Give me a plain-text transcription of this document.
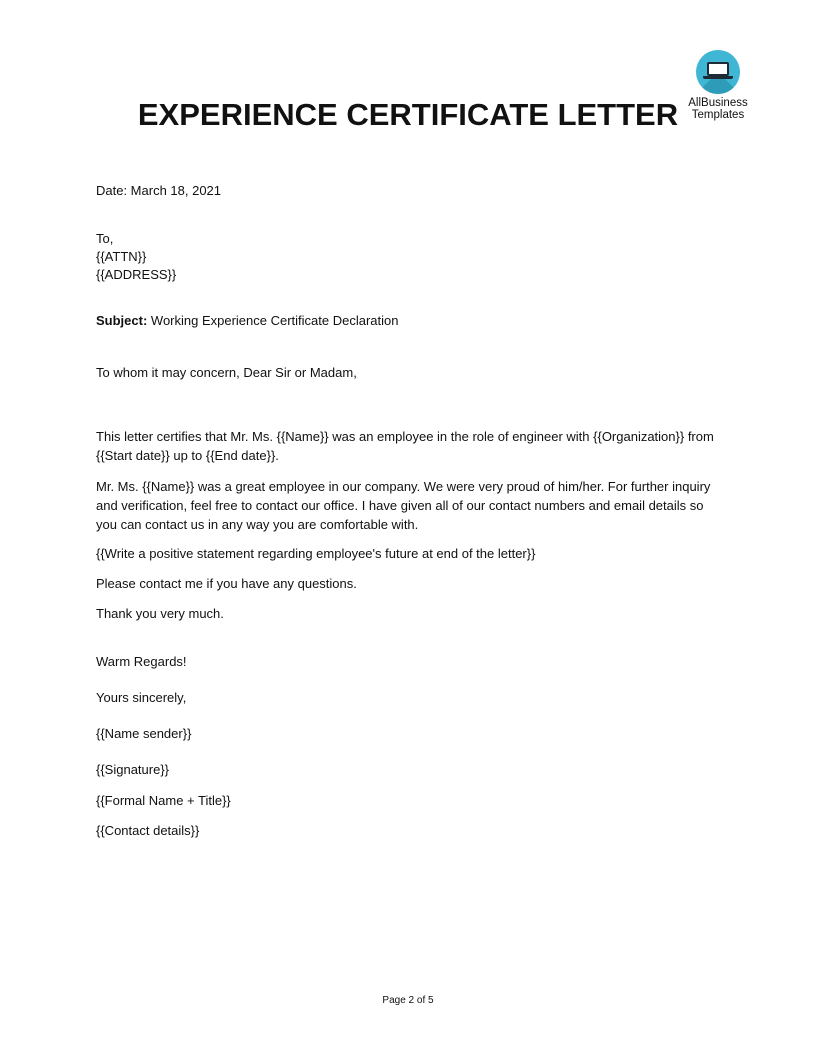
AllBusiness
Templates
EXPERIENCE CERTIFICATE LETTER
Date: March 18, 2021
To,
{{ATTN}}
{{ADDRESS}}
Subject: Working Experience Certificate Declaration
To whom it may concern, Dear Sir or Madam,
This letter certifies that Mr. Ms. {{Name}} was an employee in the role of engineer with {{Organization}} from {{Start date}} up to {{End date}}.
Mr. Ms. {{Name}} was a great employee in our company. We were very proud of him/her. For further inquiry and verification, feel free to contact our office. I have given all of our contact numbers and email details so you can contact us in any way you are comfortable with.
{{Write a positive statement regarding employee's future at end of the letter}}
Please contact me if you have any questions.
Thank you very much.
Warm Regards!
Yours sincerely,
{{Name sender}}
{{Signature}}
{{Formal Name + Title}}
{{Contact details}}
Page 2 of 5
